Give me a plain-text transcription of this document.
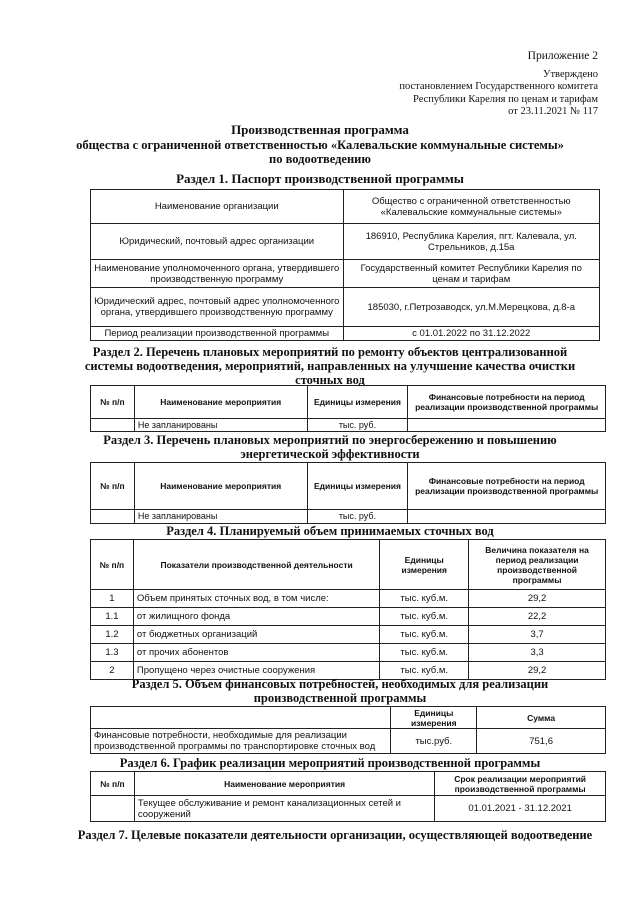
Приложение 2
Утверждено
постановлением Государственного комитета
Республики Карелия по ценам и тарифам
от 23.11.2021 № 117
Производственная программа
общества с ограниченной ответственностью «Калевальские коммунальные системы»
по водоотведению
Раздел 1. Паспорт производственной программы
Наименование организации	Общество с ограниченной ответственностью «Калевальские коммунальные системы»
Юридический, почтовый адрес организации	186910, Республика Карелия, пгт. Калевала, ул. Стрельников, д.15а
Наименование уполномоченного органа, утвердившего производственную программу	Государственный комитет Республики Карелия по ценам и тарифам
Юридический адрес, почтовый адрес уполномоченного органа, утвердившего производственную программу	185030, г.Петрозаводск, ул.М.Мерецкова, д.8-а
Период реализации производственной программы	с 01.01.2022 по 31.12.2022
Раздел 2. Перечень плановых мероприятий по ремонту объектов централизованной системы водоотведения, мероприятий, направленных на улучшение качества очистки сточных вод
№ п/п	Наименование мероприятия	Единицы измерения	Финансовые потребности на период реализации производственной программы
	Не запланированы	тыс. руб.	
Раздел 3. Перечень плановых мероприятий по энергосбережению и повышению энергетической эффективности
№ п/п	Наименование мероприятия	Единицы измерения	Финансовые потребности на период реализации производственной программы
	Не запланированы	тыс. руб.	
Раздел 4. Планируемый объем принимаемых сточных вод
№ п/п	Показатели производственной деятельности	Единицы измерения	Величина показателя на период реализации производственной программы
1	Объем принятых сточных вод, в том числе:	тыс. куб.м.	29,2
1.1	от жилищного фонда	тыс. куб.м.	22,2
1.2	от бюджетных организаций	тыс. куб.м.	3,7
1.3	от прочих абонентов	тыс. куб.м.	3,3
2	Пропущено через очистные сооружения	тыс. куб.м.	29,2
Раздел 5. Объем финансовых потребностей, необходимых для реализации производственной программы
	Единицы измерения	Сумма
Финансовые потребности, необходимые для реализации производственной программы по транспортировке сточных вод	тыс.руб.	751,6
Раздел 6. График реализации мероприятий производственной программы
№ п/п	Наименование мероприятия	Срок реализации мероприятий производственной программы
	Текущее обслуживание и ремонт канализационных сетей и сооружений	01.01.2021 - 31.12.2021
Раздел 7. Целевые показатели деятельности организации, осуществляющей водоотведение
